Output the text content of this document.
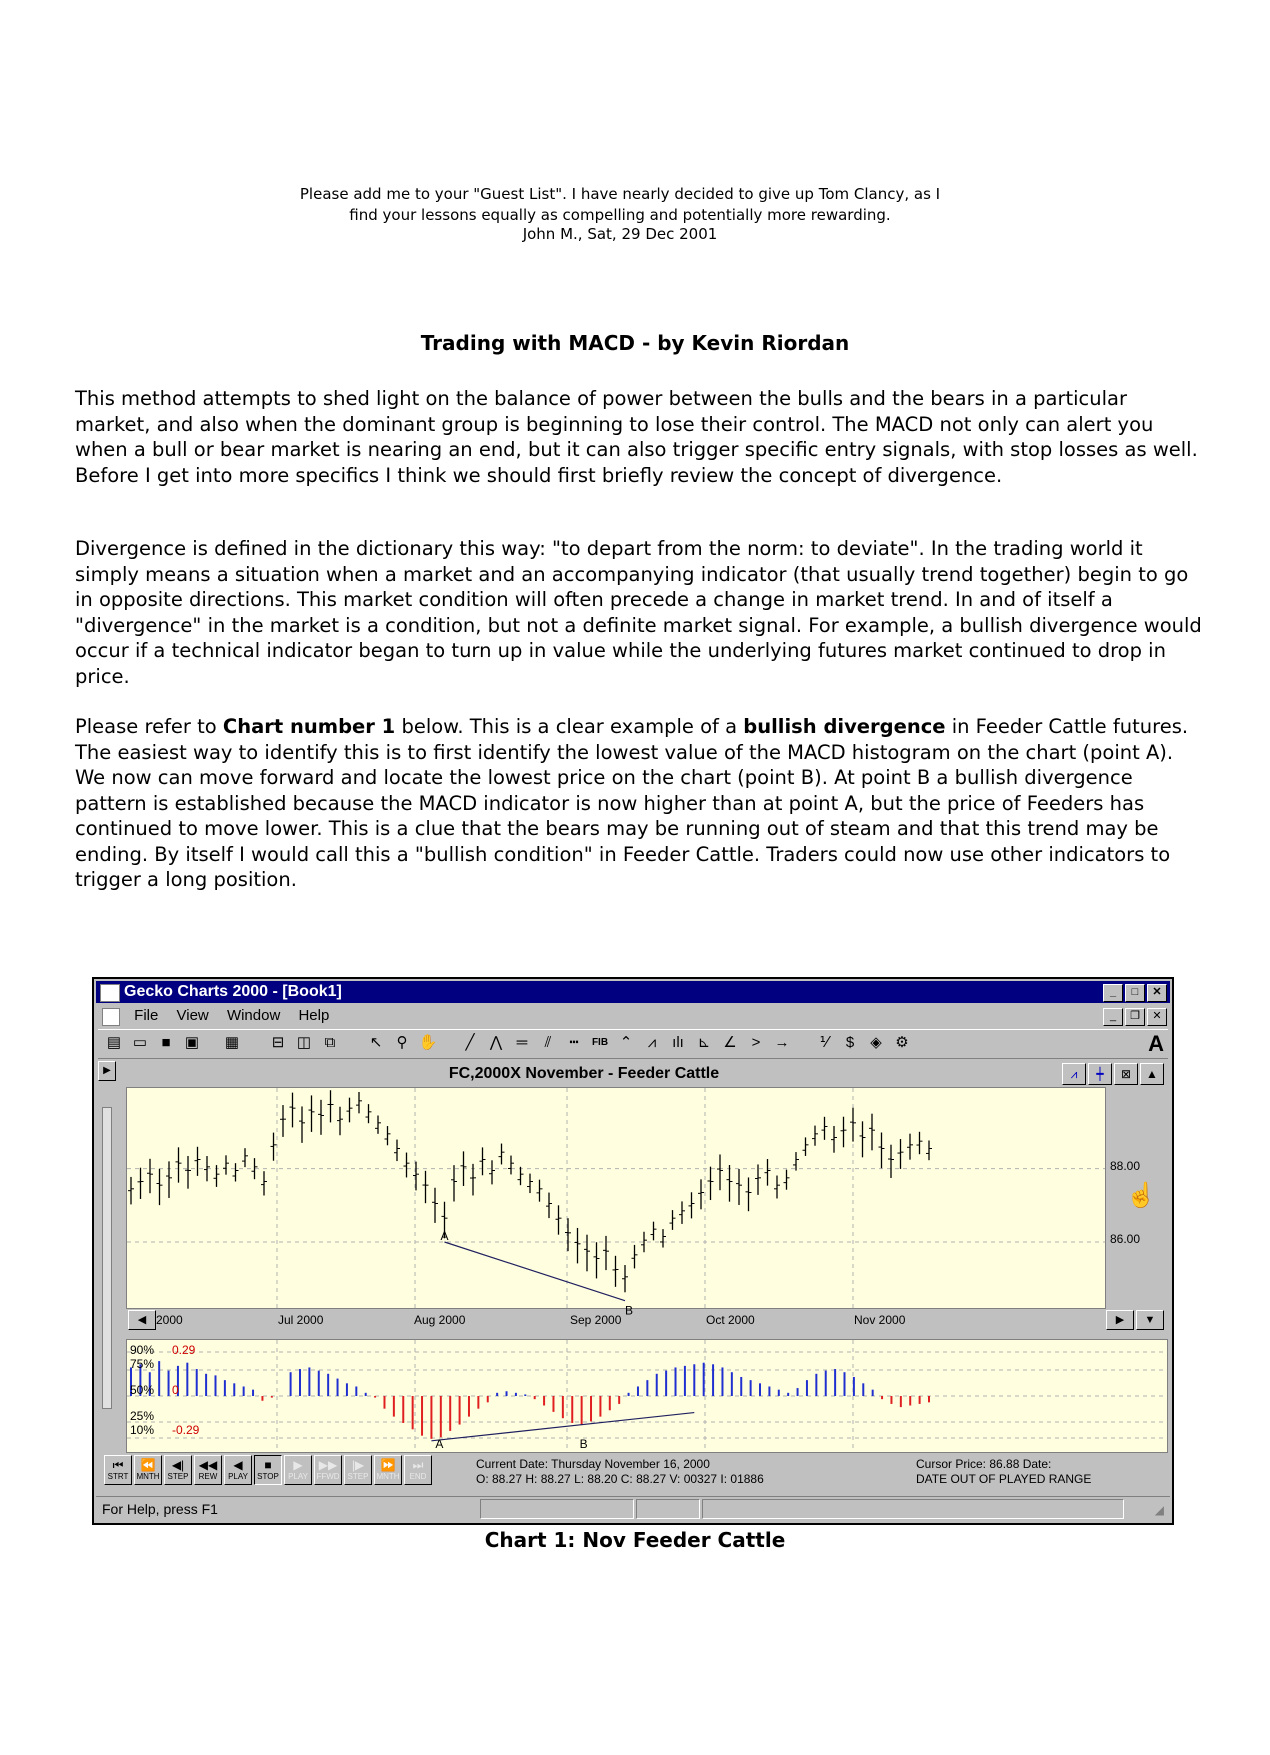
Please add me to your "Guest List". I have nearly decided to give up Tom Clancy, as I
find your lessons equally as compelling and potentially more rewarding.
John M., Sat, 29 Dec 2001
Trading with MACD - by Kevin Riordan

This method attempts to shed light on the balance of power between the bulls and the bears in a particular market, and also when the dominant group is beginning to lose their control. The MACD not only can alert you when a bull or bear market is nearing an end, but it can also trigger specific entry signals, with stop losses as well. Before I get into more specifics I think we should first briefly review the concept of divergence.

Divergence is defined in the dictionary this way: "to depart from the norm: to deviate". In the trading world it simply means a situation when a market and an accompanying indicator (that usually trend together) begin to go in opposite directions. This market condition will often precede a change in market trend. In and of itself a "divergence" in the market is a condition, but not a definite market signal. For example, a bullish divergence would occur if a technical indicator began to turn up in value while the underlying futures market continued to drop in price.

Please refer to Chart number 1 below. This is a clear example of a bullish divergence in Feeder Cattle futures. The easiest way to identify this is to first identify the lowest value of the MACD histogram on the chart (point A). We now can move forward and locate the lowest price on the chart (point B). At point B a bullish divergence pattern is established because the MACD indicator is now higher than at point A, but the price of Feeders has continued to move lower. This is a clue that the bears may be running out of steam and that this trend may be ending. By itself I would call this a "bullish condition" in Feeder Cattle. Traders could now use other indicators to trigger a long position.

Gecko Charts 2000 - [Book1]	_ □ ✕
File View Window Help	_ ❐ ✕
▤ ▭ ■ ▣ ▦ ⊟ ◫ ⧉	↖ ⚲ ✋	╱	⋀ ═	⫽	┅	FIB ⌃	⩘	ılı ⊾ ∠ > →	⅟	$	◈ ⚙	A
▶	FC,2000X November - Feeder Cattle	⩘	┿	⊠	▲
A
B
88.00
☝
86.00
◀ 2000	Jul 2000	Aug 2000	Sep 2000	Oct 2000	Nov 2000	▶	▼
A	B
90% 0.29
75%
50% 0
25%
10% -0.29
⏮
STRT
⏪
MNTH
◀|
STEP
◀◀
REW
◀
PLAY
■
STOP
▶
PLAY
▶▶
FFWD
|▶
STEP
⏩
MNTH
⏭
END
Current Date: Thursday November 16, 2000
O: 88.27 H: 88.27 L: 88.20 C: 88.27 V: 00327 I: 01886
Cursor Price: 86.88 Date:
DATE OUT OF PLAYED RANGE
For Help, press F1	◢
Chart 1: Nov Feeder Cattle
